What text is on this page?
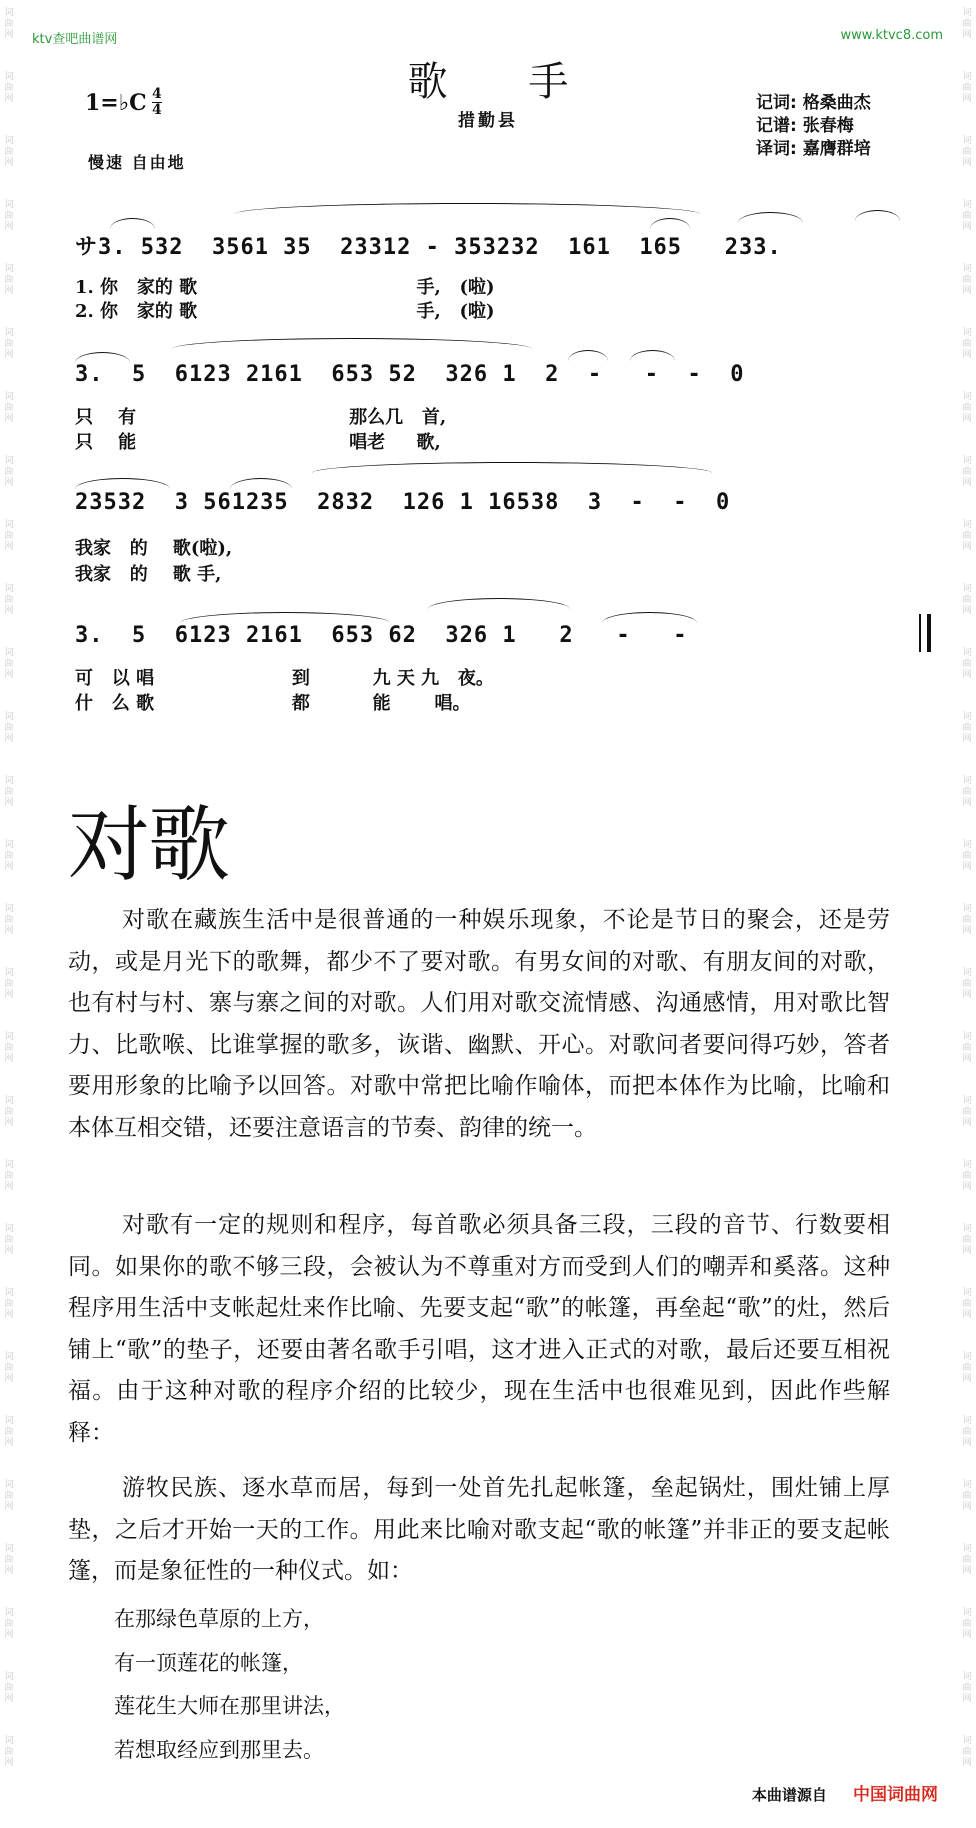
词
曲
网
词
曲
网
词
曲
网
词
曲
网
词
曲
网
词
曲
网
词
曲
网
词
曲
网
词
曲
网
词
曲
网
词
曲
网
词
曲
网
词
曲
网
词
曲
网
词
曲
网
词
曲
网
词
曲
网
词
曲
网
词
曲
网
词
曲
网
词
曲
网
词
曲
网
词
曲
网
词
曲
网
词
曲
网
词
曲
网
词
曲
网
词
曲
网
词
曲
网
词
曲
网
词
曲
网
词
曲
网
词
曲
网
词
曲
网
词
曲
网
词
曲
网
词
曲
网
词
曲
网
词
曲
网
词
曲
网
词
曲
网
词
曲
网
词
曲
网
词
曲
网
词
曲
网
词
曲
网
词
曲
网
词
曲
网
词
曲
网
词
曲
网
词
曲
网
词
曲
网
词
曲
网
词
曲
网
词
曲
网
词
曲
网
ktv查吧曲谱网	www.ktvc8.com
歌 手
措勤县
1=♭C 4
4
慢速 自由地
记词: 格桑曲杰
记谱: 张春梅
译词: 嘉膺群培
サ3. 532  3561 35  23312 - 353232  161  165   233.
1. 你   家的 歌                                   手,   (啦)
2. 你   家的 歌                                   手,   (啦)
3.  5  6123 2161  653 52  326 1  2  -   -  -  0
只    有                                  那么几   首,
只    能                                  唱老     歌,
23532  3 561235  2832  126 1 16538  3  -  -  0
我家   的    歌(啦),
我家   的    歌 手,
3.  5  6123 2161  653 62  326 1   2   -   -
可   以 唱                      到          九 天 九   夜。
什   么 歌                      都          能       唱。
对歌
对歌在藏族生活中是很普通的一种娱乐现象，不论是节日的聚会，还是劳动，或是月光下的歌舞，都少不了要对歌。有男女间的对歌、有朋友间的对歌，也有村与村、寨与寨之间的对歌。人们用对歌交流情感、沟通感情，用对歌比智力、比歌喉、比谁掌握的歌多，诙谐、幽默、开心。对歌问者要问得巧妙，答者要用形象的比喻予以回答。对歌中常把比喻作喻体，而把本体作为比喻，比喻和本体互相交错，还要注意语言的节奏、韵律的统一。
对歌有一定的规则和程序，每首歌必须具备三段，三段的音节、行数要相同。如果你的歌不够三段，会被认为不尊重对方而受到人们的嘲弄和奚落。这种程序用生活中支帐起灶来作比喻、先要支起“歌”的帐篷，再垒起“歌”的灶，然后铺上“歌”的垫子，还要由著名歌手引唱，这才进入正式的对歌，最后还要互相祝福。由于这种对歌的程序介绍的比较少，现在生活中也很难见到，因此作些解释：
游牧民族、逐水草而居，每到一处首先扎起帐篷，垒起锅灶，围灶铺上厚垫，之后才开始一天的工作。用此来比喻对歌支起“歌的帐篷”并非正的要支起帐篷，而是象征性的一种仪式。如：
在那绿色草原的上方，
有一顶莲花的帐篷，
莲花生大师在那里讲法，
若想取经应到那里去。
本曲谱源自 中国词曲网
